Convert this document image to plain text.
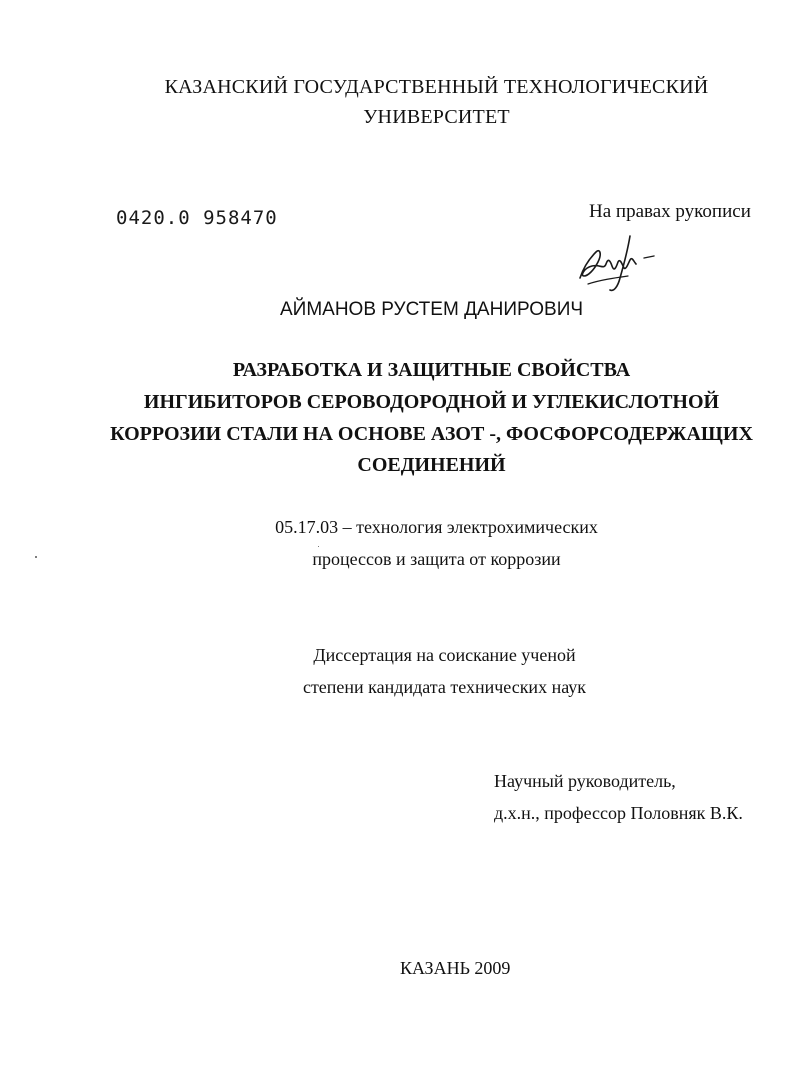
КАЗАНСКИЙ ГОСУДАРСТВЕННЫЙ ТЕХНОЛОГИЧЕСКИЙ
УНИВЕРСИТЕТ
0420.0 958470	На правах рукописи
АЙМАНОВ РУСТЕМ ДАНИРОВИЧ
РАЗРАБОТКА И ЗАЩИТНЫЕ СВОЙСТВА
ИНГИБИТОРОВ СЕРОВОДОРОДНОЙ И УГЛЕКИСЛОТНОЙ
КОРРОЗИИ СТАЛИ НА ОСНОВЕ АЗОТ -, ФОСФОРСОДЕРЖАЩИХ
СОЕДИНЕНИЙ
05.17.03 – технология электрохимических
процессов и защита от коррозии
Диссертация на соискание ученой
степени кандидата технических наук
Научный руководитель,
д.х.н., профессор Половняк В.К.
КАЗАНЬ 2009
